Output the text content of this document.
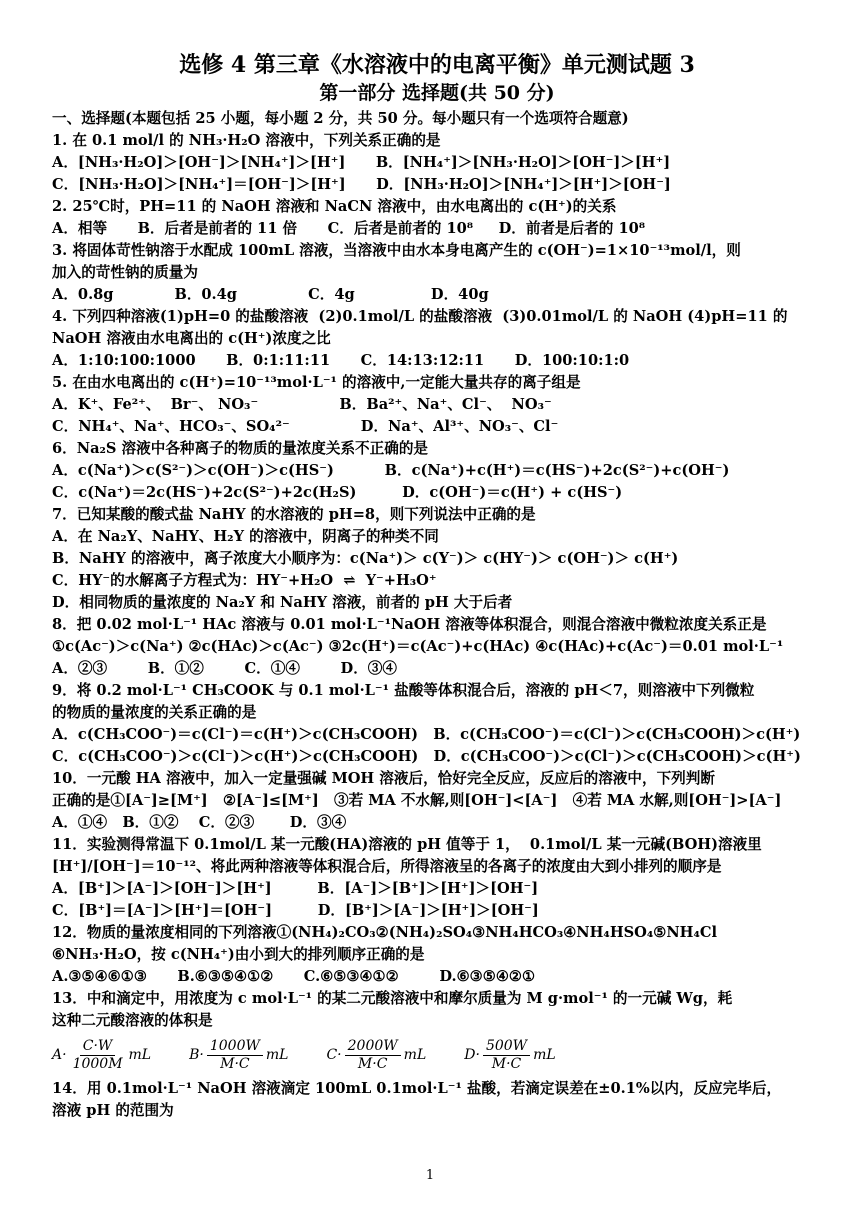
选修 4 第三章《水溶液中的电离平衡》单元测试题 3
第一部分 选择题(共 50 分)

一、选择题(本题包括 25 小题，每小题 2 分，共 50 分。每小题只有一个选项符合题意)

1. 在 0.1 mol/l 的 NH₃·H₂O 溶液中，下列关系正确的是

A．[NH₃·H₂O]＞[OH⁻]＞[NH₄⁺]＞[H⁺]      B．[NH₄⁺]＞[NH₃·H₂O]＞[OH⁻]＞[H⁺]

C．[NH₃·H₂O]＞[NH₄⁺]＝[OH⁻]＞[H⁺]      D．[NH₃·H₂O]＞[NH₄⁺]＞[H⁺]＞[OH⁻]

2. 25℃时，PH=11 的 NaOH 溶液和 NaCN 溶液中，由水电离出的 c(H⁺)的关系

A．相等      B．后者是前者的 11 倍      C．后者是前者的 10⁸     D．前者是后者的 10⁸

3. 将固体苛性钠溶于水配成 100mL 溶液，当溶液中由水本身电离产生的 c(OH⁻)=1×10⁻¹³mol/l，则

加入的苛性钠的质量为

A．0.8g            B．0.4g              C．4g               D．40g

4. 下列四种溶液(1)pH=0 的盐酸溶液  (2)0.1mol/L 的盐酸溶液  (3)0.01mol/L 的 NaOH (4)pH=11 的

NaOH 溶液由水电离出的 c(H⁺)浓度之比

A．1:10:100:1000      B．0:1:11:11      C．14:13:12:11      D．100:10:1:0

5. 在由水电离出的 c(H⁺)=10⁻¹³mol·L⁻¹ 的溶液中,一定能大量共存的离子组是

A．K⁺、Fe²⁺、  Br⁻、 NO₃⁻                B．Ba²⁺、Na⁺、Cl⁻、  NO₃⁻

C．NH₄⁺、Na⁺、HCO₃⁻、SO₄²⁻              D．Na⁺、Al³⁺、NO₃⁻、Cl⁻

6．Na₂S 溶液中各种离子的物质的量浓度关系不正确的是

A．c(Na⁺)＞c(S²⁻)＞c(OH⁻)＞c(HS⁻)          B．c(Na⁺)+c(H⁺)＝c(HS⁻)+2c(S²⁻)+c(OH⁻)

C．c(Na⁺)＝2c(HS⁻)+2c(S²⁻)+2c(H₂S)         D．c(OH⁻)＝c(H⁺) + c(HS⁻)

7．已知某酸的酸式盐 NaHY 的水溶液的 pH=8，则下列说法中正确的是

A．在 Na₂Y、NaHY、H₂Y 的溶液中，阴离子的种类不同

B．NaHY 的溶液中，离子浓度大小顺序为：c(Na⁺)＞ c(Y⁻)＞ c(HY⁻)＞ c(OH⁻)＞ c(H⁺)

C．HY⁻的水解离子方程式为：HY⁻+H₂O  ⇌  Y⁻+H₃O⁺

D．相同物质的量浓度的 Na₂Y 和 NaHY 溶液，前者的 pH 大于后者

8．把 0.02 mol·L⁻¹ HAc 溶液与 0.01 mol·L⁻¹NaOH 溶液等体积混合，则混合溶液中微粒浓度关系正是

①c(Ac⁻)＞c(Na⁺) ②c(HAc)＞c(Ac⁻) ③2c(H⁺)＝c(Ac⁻)+c(HAc) ④c(HAc)+c(Ac⁻)＝0.01 mol·L⁻¹

A．②③        B．①②        C．①④        D．③④

9．将 0.2 mol·L⁻¹ CH₃COOK 与 0.1 mol·L⁻¹ 盐酸等体积混合后，溶液的 pH＜7，则溶液中下列微粒

的物质的量浓度的关系正确的是

A．c(CH₃COO⁻)＝c(Cl⁻)＝c(H⁺)＞c(CH₃COOH)   B．c(CH₃COO⁻)＝c(Cl⁻)＞c(CH₃COOH)＞c(H⁺)

C．c(CH₃COO⁻)＞c(Cl⁻)＞c(H⁺)＞c(CH₃COOH)   D．c(CH₃COO⁻)＞c(Cl⁻)＞c(CH₃COOH)＞c(H⁺)

10．一元酸 HA 溶液中，加入一定量强碱 MOH 溶液后，恰好完全反应，反应后的溶液中，下列判断

正确的是①[A⁻]≥[M⁺]   ②[A⁻]≤[M⁺]   ③若 MA 不水解,则[OH⁻]<[A⁻]   ④若 MA 水解,则[OH⁻]>[A⁻]

A．①④   B．①②    C．②③       D．③④

11．实验测得常温下 0.1mol/L 某一元酸(HA)溶液的 pH 值等于 1，  0.1mol/L 某一元碱(BOH)溶液里

[H⁺]/[OH⁻]＝10⁻¹²、将此两种溶液等体积混合后，所得溶液呈的各离子的浓度由大到小排列的顺序是

A．[B⁺]＞[A⁻]＞[OH⁻]＞[H⁺]         B．[A⁻]＞[B⁺]＞[H⁺]＞[OH⁻]

C．[B⁺]＝[A⁻]＞[H⁺]＝[OH⁻]         D．[B⁺]＞[A⁻]＞[H⁺]＞[OH⁻]

12．物质的量浓度相同的下列溶液①(NH₄)₂CO₃②(NH₄)₂SO₄③NH₄HCO₃④NH₄HSO₄⑤NH₄Cl

⑥NH₃·H₂O，按 c(NH₄⁺)由小到大的排列顺序正确的是

A.③⑤④⑥①③      B.⑥③⑤④①②      C.⑥⑤③④①②        D.⑥③⑤④②①

13．中和滴定中，用浓度为 c mol·L⁻¹ 的某二元酸溶液中和摩尔质量为 M g·mol⁻¹ 的一元碱 Wg，耗

这种二元酸溶液的体积是

$A\cdot \frac{C\cdot W}{1000M}$ mL	$B\cdot \frac{1000W}{M\cdot C}$ mL	$C\cdot \frac{2000W}{M\cdot C}$ mL	$D\cdot \frac{500W}{M\cdot C}$ mL

14．用 0.1mol·L⁻¹ NaOH 溶液滴定 100mL 0.1mol·L⁻¹ 盐酸，若滴定误差在±0.1%以内，反应完毕后，

溶液 pH 的范围为

1
